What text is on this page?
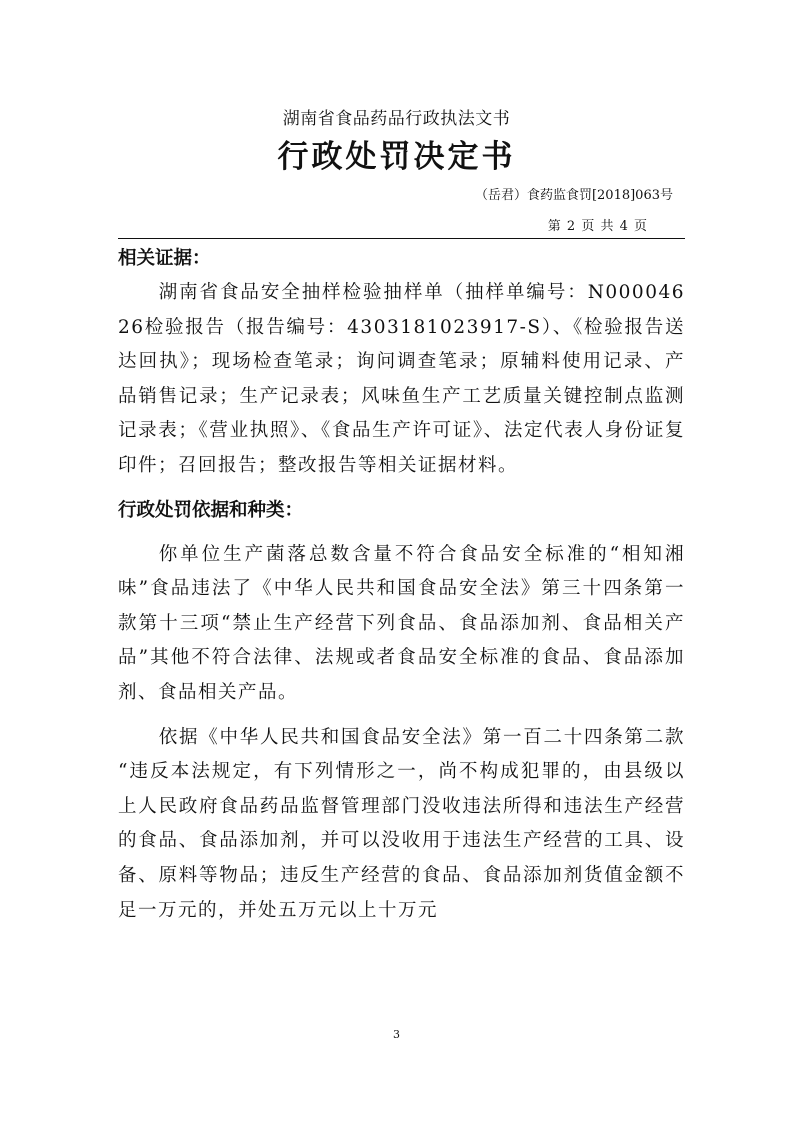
湖南省食品药品行政执法文书
行政处罚决定书
（岳君）食药监食罚[2018]063号
第 2 页 共 4 页
相关证据：

湖南省食品安全抽样检验抽样单（抽样单编号：N00004626检验报告（报告编号：4303181023917-S）、《检验报告送达回执》；现场检查笔录；询问调查笔录；原辅料使用记录、产品销售记录；生产记录表；风味鱼生产工艺质量关键控制点监测记录表；《营业执照》、《食品生产许可证》、法定代表人身份证复印件；召回报告；整改报告等相关证据材料。

行政处罚依据和种类：

你单位生产菌落总数含量不符合食品安全标准的“相知湘味”食品违法了《中华人民共和国食品安全法》第三十四条第一款第十三项“禁止生产经营下列食品、食品添加剂、食品相关产品”其他不符合法律、法规或者食品安全标准的食品、食品添加剂、食品相关产品。

依据《中华人民共和国食品安全法》第一百二十四条第二款 “违反本法规定，有下列情形之一，尚不构成犯罪的，由县级以上人民政府食品药品监督管理部门没收违法所得和违法生产经营的食品、食品添加剂，并可以没收用于违法生产经营的工具、设备、原料等物品；违反生产经营的食品、食品添加剂货值金额不足一万元的，并处五万元以上十万元

3
